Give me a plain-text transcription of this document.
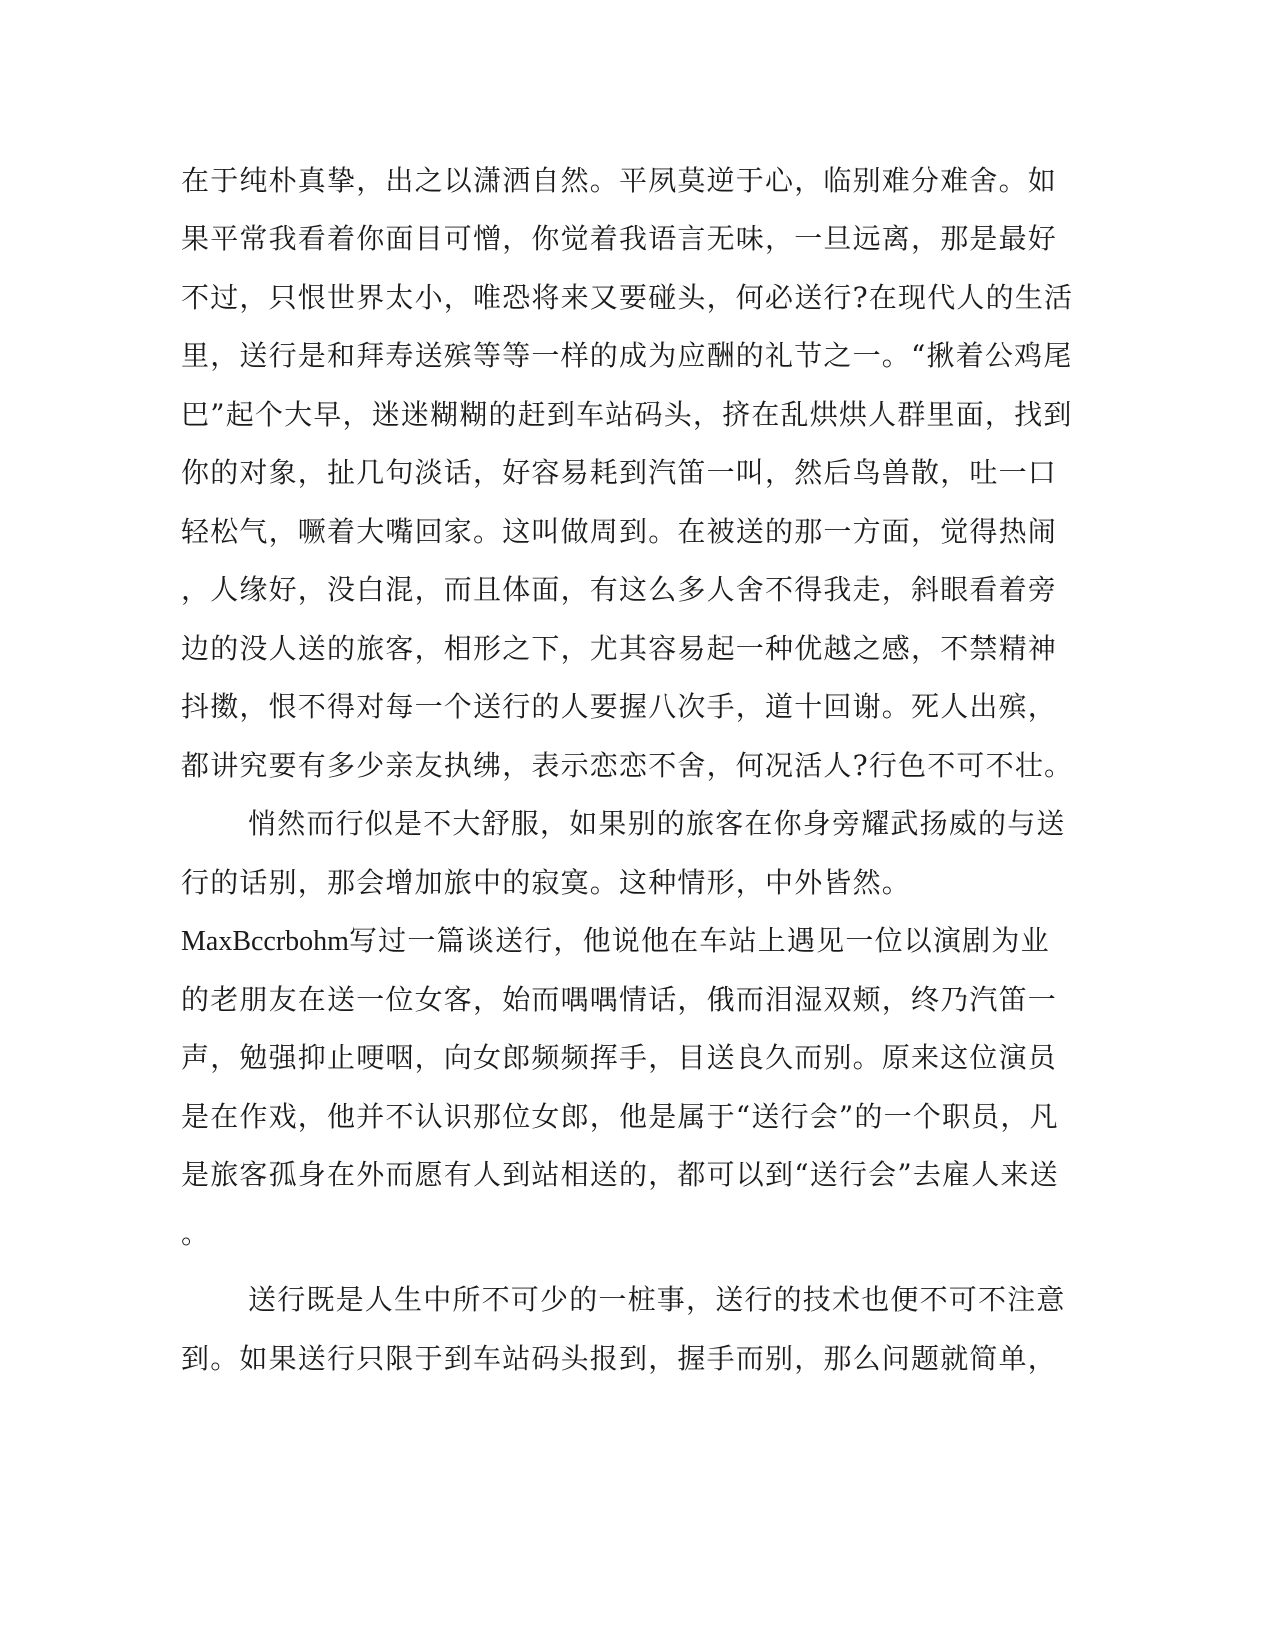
在于纯朴真挚，出之以潇洒自然。平夙莫逆于心，临别难分难舍。如
果平常我看着你面目可憎，你觉着我语言无味，一旦远离，那是最好
不过，只恨世界太小，唯恐将来又要碰头，何必送行?在现代人的生活
里，送行是和拜寿送殡等等一样的成为应酬的礼节之一。“揪着公鸡尾
巴”起个大早，迷迷糊糊的赶到车站码头，挤在乱烘烘人群里面，找到
你的对象，扯几句淡话，好容易耗到汽笛一叫，然后鸟兽散，吐一口
轻松气，噘着大嘴回家。这叫做周到。在被送的那一方面，觉得热闹
，人缘好，没白混，而且体面，有这么多人舍不得我走，斜眼看着旁
边的没人送的旅客，相形之下，尤其容易起一种优越之感，不禁精神
抖擞，恨不得对每一个送行的人要握八次手，道十回谢。死人出殡，
都讲究要有多少亲友执绋，表示恋恋不舍，何况活人?行色不可不壮。
悄然而行似是不大舒服，如果别的旅客在你身旁耀武扬威的与送
行的话别，那会增加旅中的寂寞。这种情形，中外皆然。
MaxBccrbohm写过一篇谈送行，他说他在车站上遇见一位以演剧为业
的老朋友在送一位女客，始而喁喁情话，俄而泪湿双颊，终乃汽笛一
声，勉强抑止哽咽，向女郎频频挥手，目送良久而别。原来这位演员
是在作戏，他并不认识那位女郎，他是属于“送行会”的一个职员，凡
是旅客孤身在外而愿有人到站相送的，都可以到“送行会”去雇人来送
。
送行既是人生中所不可少的一桩事，送行的技术也便不可不注意
到。如果送行只限于到车站码头报到，握手而别，那么问题就简单，
